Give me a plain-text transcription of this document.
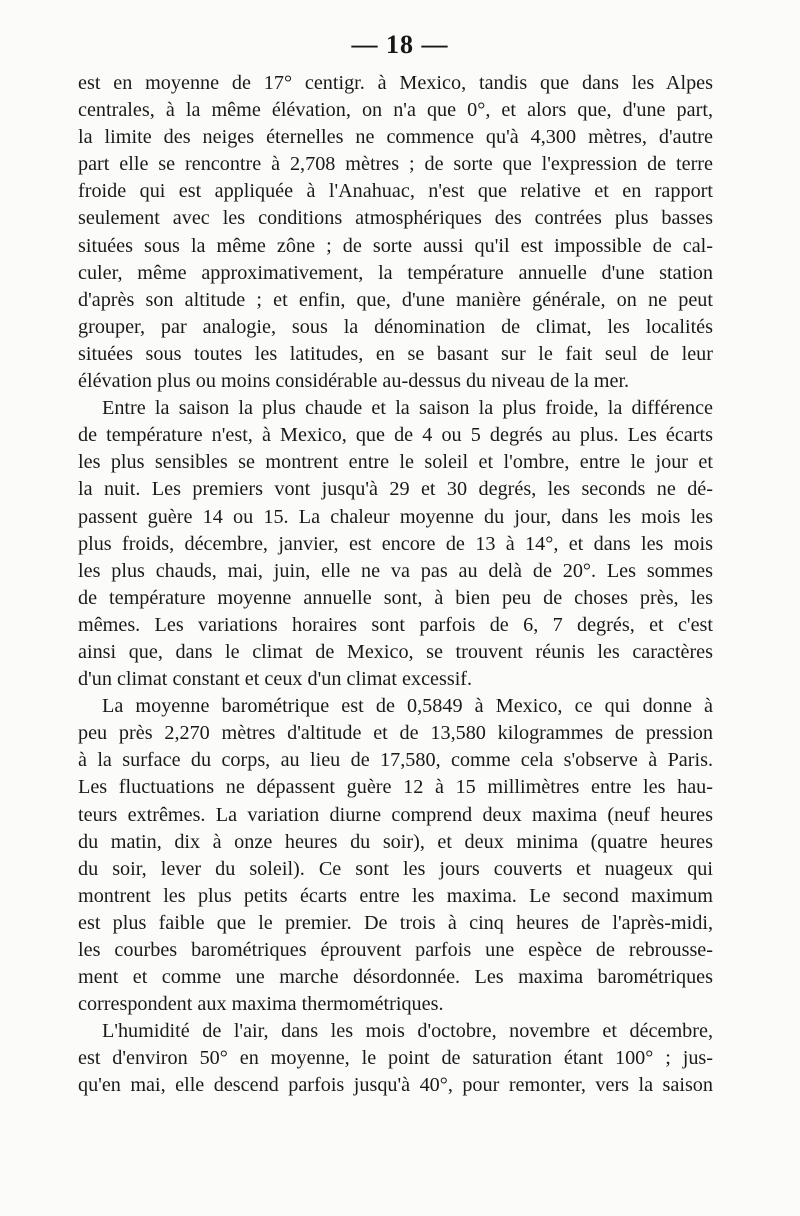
— 18 —
est en moyenne de 17° centigr. à Mexico, tandis que dans les Alpes
centrales, à la même élévation, on n'a que 0°, et alors que, d'une part,
la limite des neiges éternelles ne commence qu'à 4,300 mètres, d'autre
part elle se rencontre à 2,708 mètres ; de sorte que l'expression de terre
froide qui est appliquée à l'Anahuac, n'est que relative et en rapport
seulement avec les conditions atmosphériques des contrées plus basses
situées sous la même zône ; de sorte aussi qu'il est impossible de cal-
culer, même approximativement, la température annuelle d'une station
d'après son altitude ; et enfin, que, d'une manière générale, on ne peut
grouper, par analogie, sous la dénomination de climat, les localités
situées sous toutes les latitudes, en se basant sur le fait seul de leur
élévation plus ou moins considérable au-dessus du niveau de la mer.
Entre la saison la plus chaude et la saison la plus froide, la différence
de température n'est, à Mexico, que de 4 ou 5 degrés au plus. Les écarts
les plus sensibles se montrent entre le soleil et l'ombre, entre le jour et
la nuit. Les premiers vont jusqu'à 29 et 30 degrés, les seconds ne dé-
passent guère 14 ou 15. La chaleur moyenne du jour, dans les mois les
plus froids, décembre, janvier, est encore de 13 à 14°, et dans les mois
les plus chauds, mai, juin, elle ne va pas au delà de 20°. Les sommes
de température moyenne annuelle sont, à bien peu de choses près, les
mêmes. Les variations horaires sont parfois de 6, 7 degrés, et c'est
ainsi que, dans le climat de Mexico, se trouvent réunis les caractères
d'un climat constant et ceux d'un climat excessif.
La moyenne barométrique est de 0,5849 à Mexico, ce qui donne à
peu près 2,270 mètres d'altitude et de 13,580 kilogrammes de pression
à la surface du corps, au lieu de 17,580, comme cela s'observe à Paris.
Les fluctuations ne dépassent guère 12 à 15 millimètres entre les hau-
teurs extrêmes. La variation diurne comprend deux maxima (neuf heures
du matin, dix à onze heures du soir), et deux minima (quatre heures
du soir, lever du soleil). Ce sont les jours couverts et nuageux qui
montrent les plus petits écarts entre les maxima. Le second maximum
est plus faible que le premier. De trois à cinq heures de l'après-midi,
les courbes barométriques éprouvent parfois une espèce de rebrousse-
ment et comme une marche désordonnée. Les maxima barométriques
correspondent aux maxima thermométriques.
L'humidité de l'air, dans les mois d'octobre, novembre et décembre,
est d'environ 50° en moyenne, le point de saturation étant 100° ; jus-
qu'en mai, elle descend parfois jusqu'à 40°, pour remonter, vers la saison
